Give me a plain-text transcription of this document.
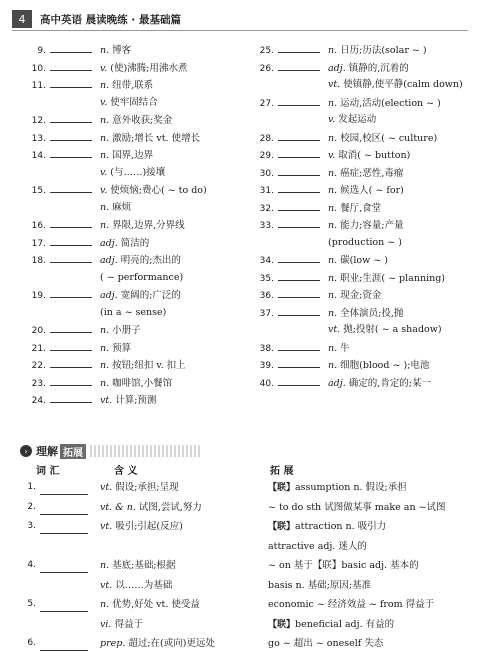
4	高中英语 晨读晚练 · 最基础篇
9.	n. 博客
10.	v. (使)沸腾;用沸水煮
11.	n. 纽带,联系
v. 使牢固结合
12.	n. 意外收获;奖金
13.	n. 激励;增长 vt. 使增长
14.	n. 国界,边界
v. (与……)接壤
15.	v. 使烦恼;费心( ~ to do)
n. 麻烦
16.	n. 界限,边界,分界线
17.	adj. 简洁的
18.	adj. 明亮的;杰出的
( ~ performance)
19.	adj. 宽阔的;广泛的
(in a ~ sense)
20.	n. 小册子
21.	n. 预算
22.	n. 按钮;纽扣 v. 扣上
23.	n. 咖啡馆,小餐馆
24.	vt. 计算;预测
25.	n. 日历;历法(solar ~ )
26.	adj. 镇静的,沉着的
vt. 使镇静,使平静(calm down)
27.	n. 运动,活动(election ~ )
v. 发起运动
28.	n. 校园,校区( ~ culture)
29.	v. 取消( ~ button)
30.	n. 癌症;恶性,毒瘤
31.	n. 候选人( ~ for)
32.	n. 餐厅,食堂
33.	n. 能力;容量;产量
(production ~ )
34.	n. 碳(low ~ )
35.	n. 职业;生涯( ~ planning)
36.	n. 现金;资金
37.	n. 全体演员;投,抛
vt. 抛;投射( ~ a shadow)
38.	n. 牛
39.	n. 细胞(blood ~ );电池
40.	adj. 确定的,肯定的;某一
› 理解 拓展
词 汇	含 义	拓 展
1.	vt. 假设;承担;呈现	【联】assumption n. 假设;承担
2.	vt. & n. 试图,尝试,努力	~ to do sth 试图做某事 make an ~试图
3.	vt. 吸引;引起(反应)	【联】attraction n. 吸引力
attractive adj. 迷人的
4.	n. 基底;基础;根据	~ on 基于【联】basic adj. 基本的
vt. 以……为基础	basis n. 基础;原因;基准
5.	n. 优势,好处 vt. 使受益	economic ~ 经济效益 ~ from 得益于
vi. 得益于	【联】beneficial adj. 有益的
6.	prep. 超过;在(或向)更远处	go ~ 超出 ~ oneself 失态
